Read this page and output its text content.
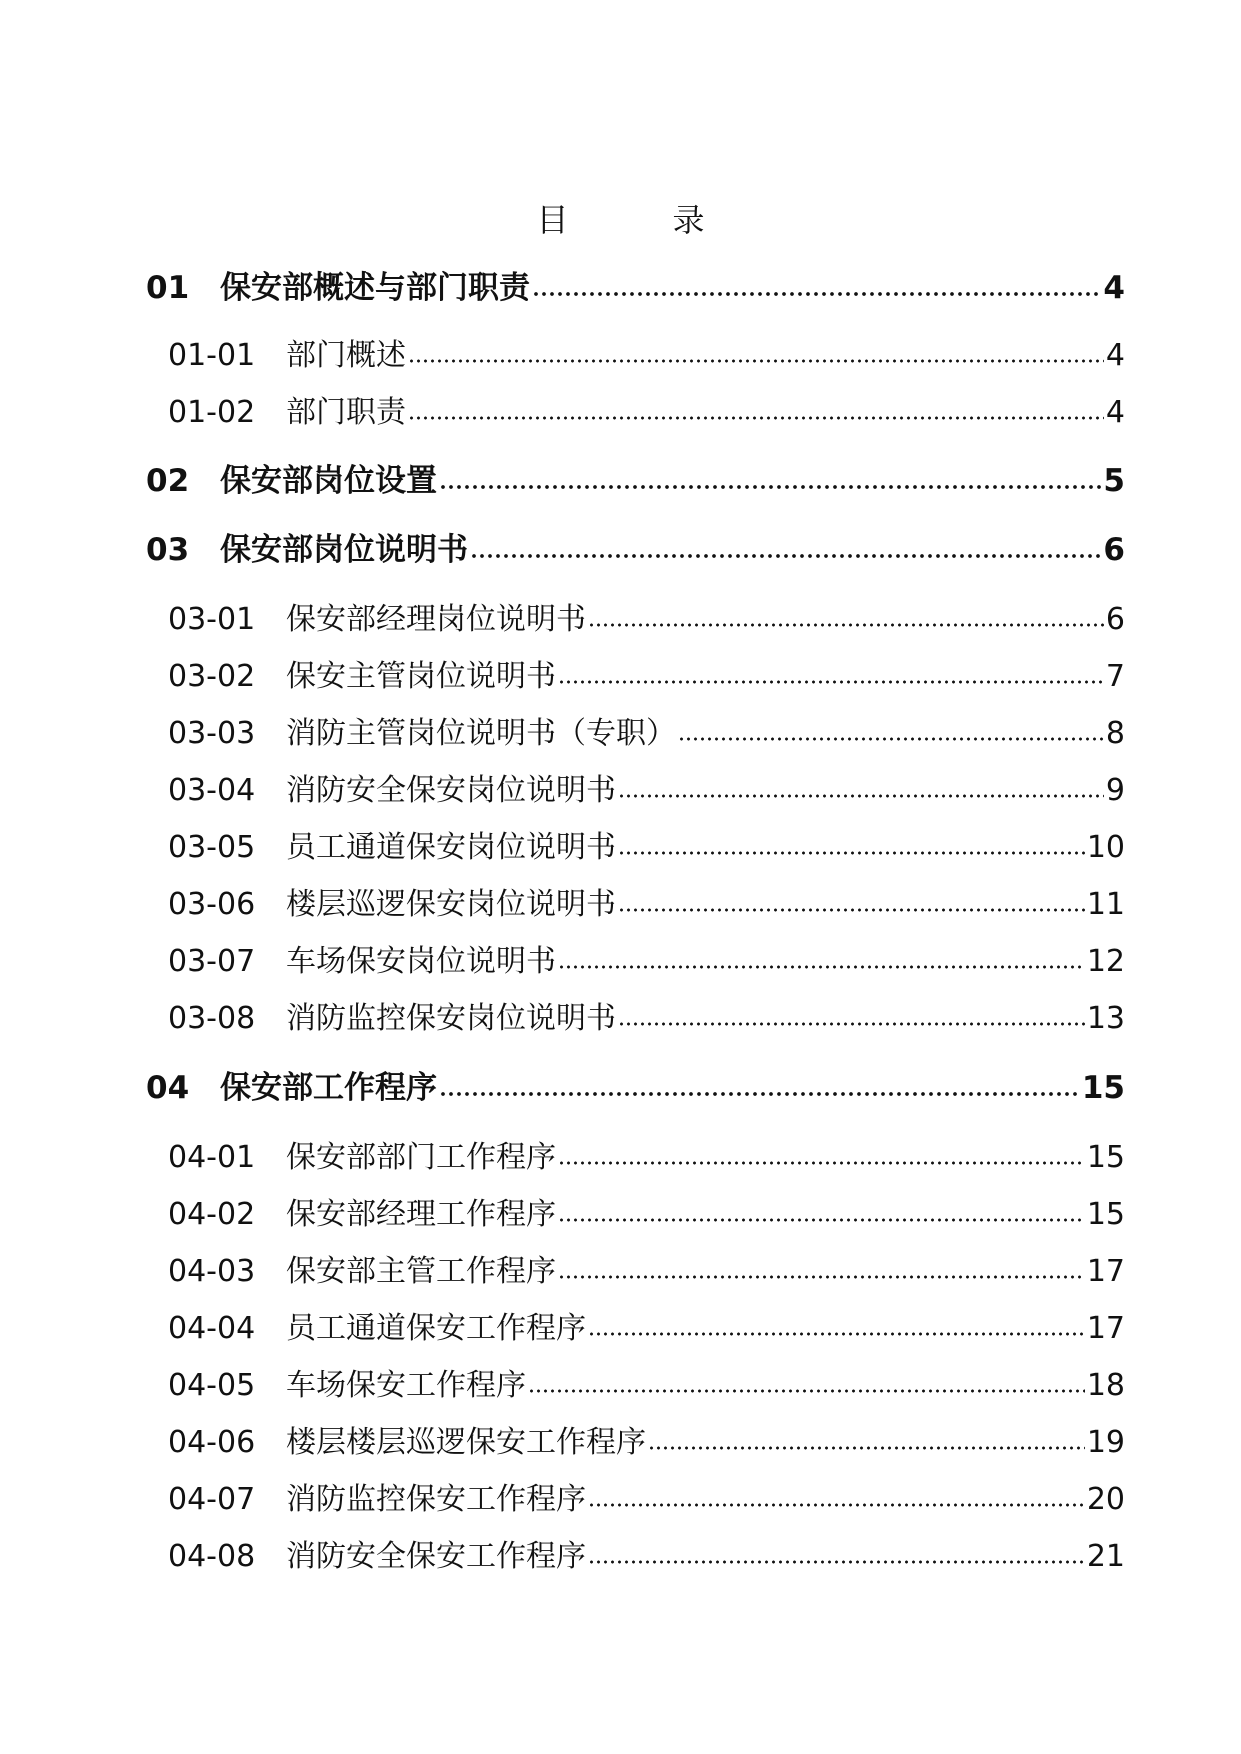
目　录
01 保安部概述与部门职责	4
01-01	部门概述	4
01-02	部门职责	4
02 保安部岗位设置	5
03 保安部岗位说明书	6
03-01	保安部经理岗位说明书	6
03-02	保安主管岗位说明书	7
03-03	消防主管岗位说明书（专职）	8
03-04	消防安全保安岗位说明书	9
03-05	员工通道保安岗位说明书	10
03-06	楼层巡逻保安岗位说明书	11
03-07	车场保安岗位说明书	12
03-08	消防监控保安岗位说明书	13
04 保安部工作程序	15
04-01	保安部部门工作程序	15
04-02	保安部经理工作程序	15
04-03	保安部主管工作程序	17
04-04	员工通道保安工作程序	17
04-05	车场保安工作程序	18
04-06	楼层楼层巡逻保安工作程序	19
04-07	消防监控保安工作程序	20
04-08	消防安全保安工作程序	21
